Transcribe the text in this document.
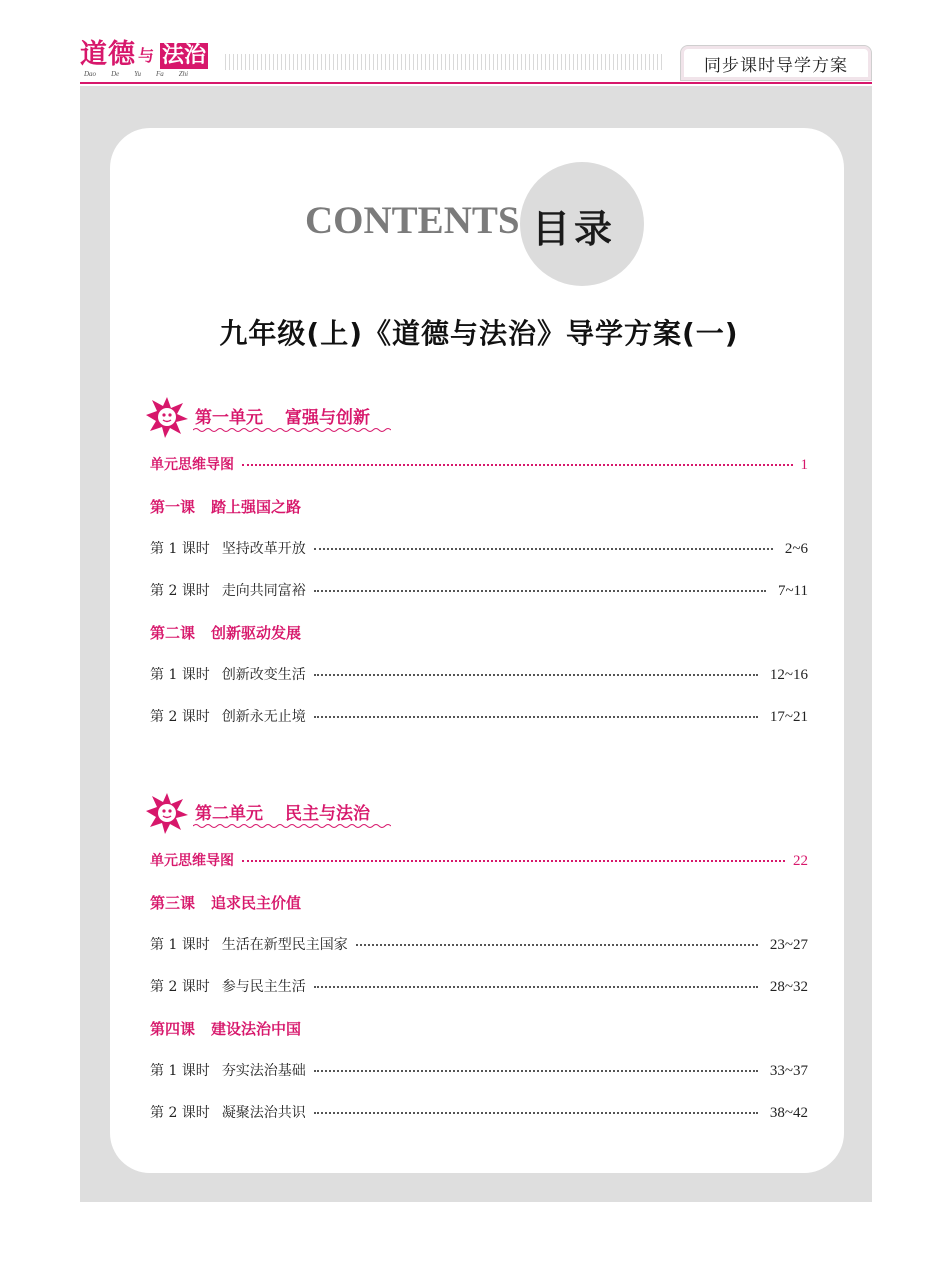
道德 与 法治
Dao De Yu Fa Zhi	同步课时导学方案
CONTENTS 目录
九年级(上)《道德与法治》导学方案(一)
第一单元 富强与创新
单元思维导图	1
第一课 踏上强国之路
第 1 课时 坚持改革开放	2~6
第 2 课时 走向共同富裕	7~11
第二课 创新驱动发展
第 1 课时 创新改变生活	12~16
第 2 课时 创新永无止境	17~21
第二单元 民主与法治
单元思维导图	22
第三课 追求民主价值
第 1 课时 生活在新型民主国家	23~27
第 2 课时 参与民主生活	28~32
第四课 建设法治中国
第 1 课时 夯实法治基础	33~37
第 2 课时 凝聚法治共识	38~42
